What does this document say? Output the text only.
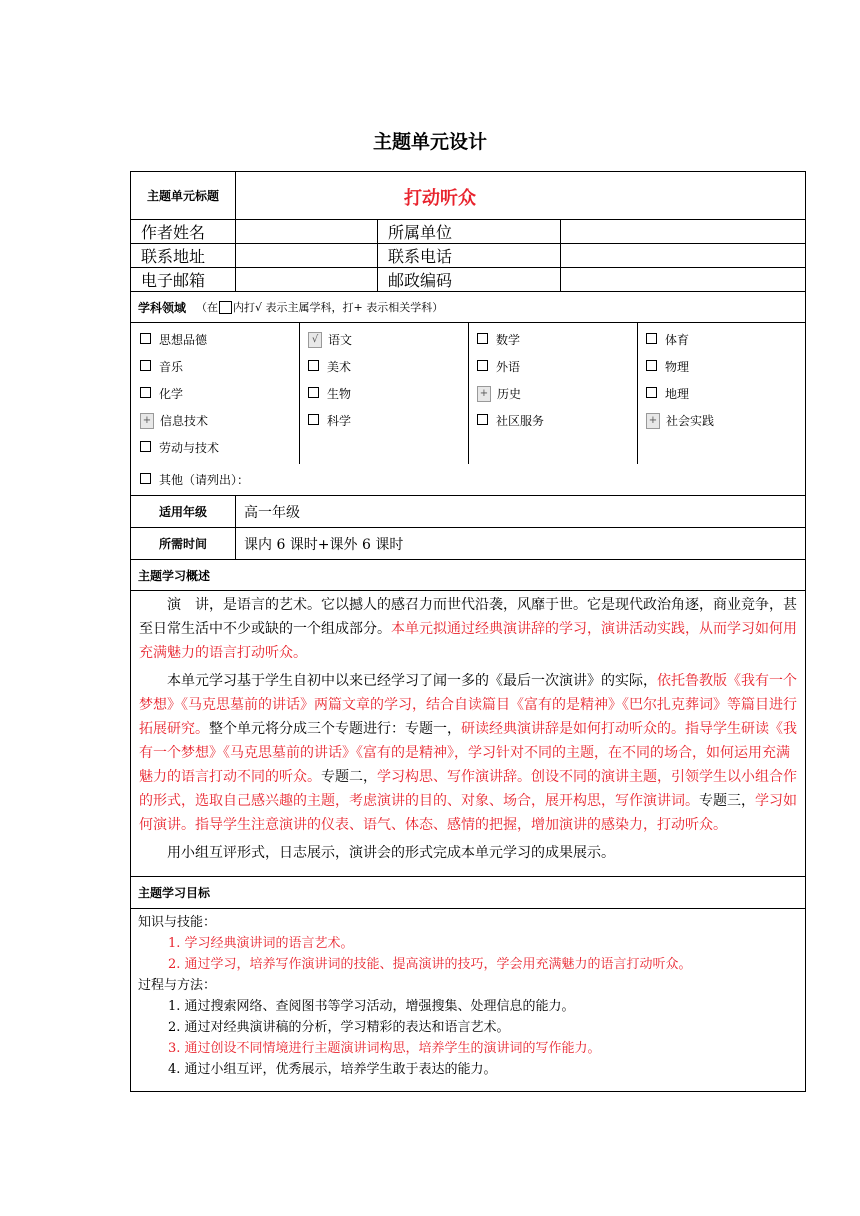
主题单元设计
主题单元标题	打动听众
作者姓名	所属单位
联系地址	联系电话
电子邮箱	邮政编码
学科领域 （在 内打√ 表示主属学科，打+ 表示相关学科）
思想品德	√ 语文	数学	体育
音乐	美术	外语	物理
化学	生物	+ 历史	地理
+ 信息技术	科学	社区服务	+ 社会实践
劳动与技术
其他（请列出）：
适用年级	高一年级
所需时间	课内 6 课时+课外 6 课时
主题学习概述

演　讲，是语言的艺术。它以撼人的感召力而世代沿袭，风靡于世。它是现代政治角逐，商业竞争，甚至日常生活中不少或缺的一个组成部分。本单元拟通过经典演讲辞的学习，演讲活动实践，从而学习如何用充满魅力的语言打动听众。

本单元学习基于学生自初中以来已经学习了闻一多的《最后一次演讲》的实际，依托鲁教版《我有一个梦想》《马克思墓前的讲话》两篇文章的学习，结合自读篇目《富有的是精神》《巴尔扎克葬词》等篇目进行拓展研究。整个单元将分成三个专题进行：专题一，研读经典演讲辞是如何打动听众的。指导学生研读《我有一个梦想》《马克思墓前的讲话》《富有的是精神》，学习针对不同的主题，在不同的场合，如何运用充满魅力的语言打动不同的听众。专题二，学习构思、写作演讲辞。创设不同的演讲主题，引领学生以小组合作的形式，选取自己感兴趣的主题，考虑演讲的目的、对象、场合，展开构思，写作演讲词。专题三，学习如何演讲。指导学生注意演讲的仪表、语气、体态、感情的把握，增加演讲的感染力，打动听众。

用小组互评形式，日志展示，演讲会的形式完成本单元学习的成果展示。

主题学习目标
知识与技能：
1. 学习经典演讲词的语言艺术。
2. 通过学习，培养写作演讲词的技能、提高演讲的技巧，学会用充满魅力的语言打动听众。
过程与方法：
1. 通过搜索网络、查阅图书等学习活动，增强搜集、处理信息的能力。
2. 通过对经典演讲稿的分析，学习精彩的表达和语言艺术。
3. 通过创设不同情境进行主题演讲词构思，培养学生的演讲词的写作能力。
4. 通过小组互评，优秀展示，培养学生敢于表达的能力。
